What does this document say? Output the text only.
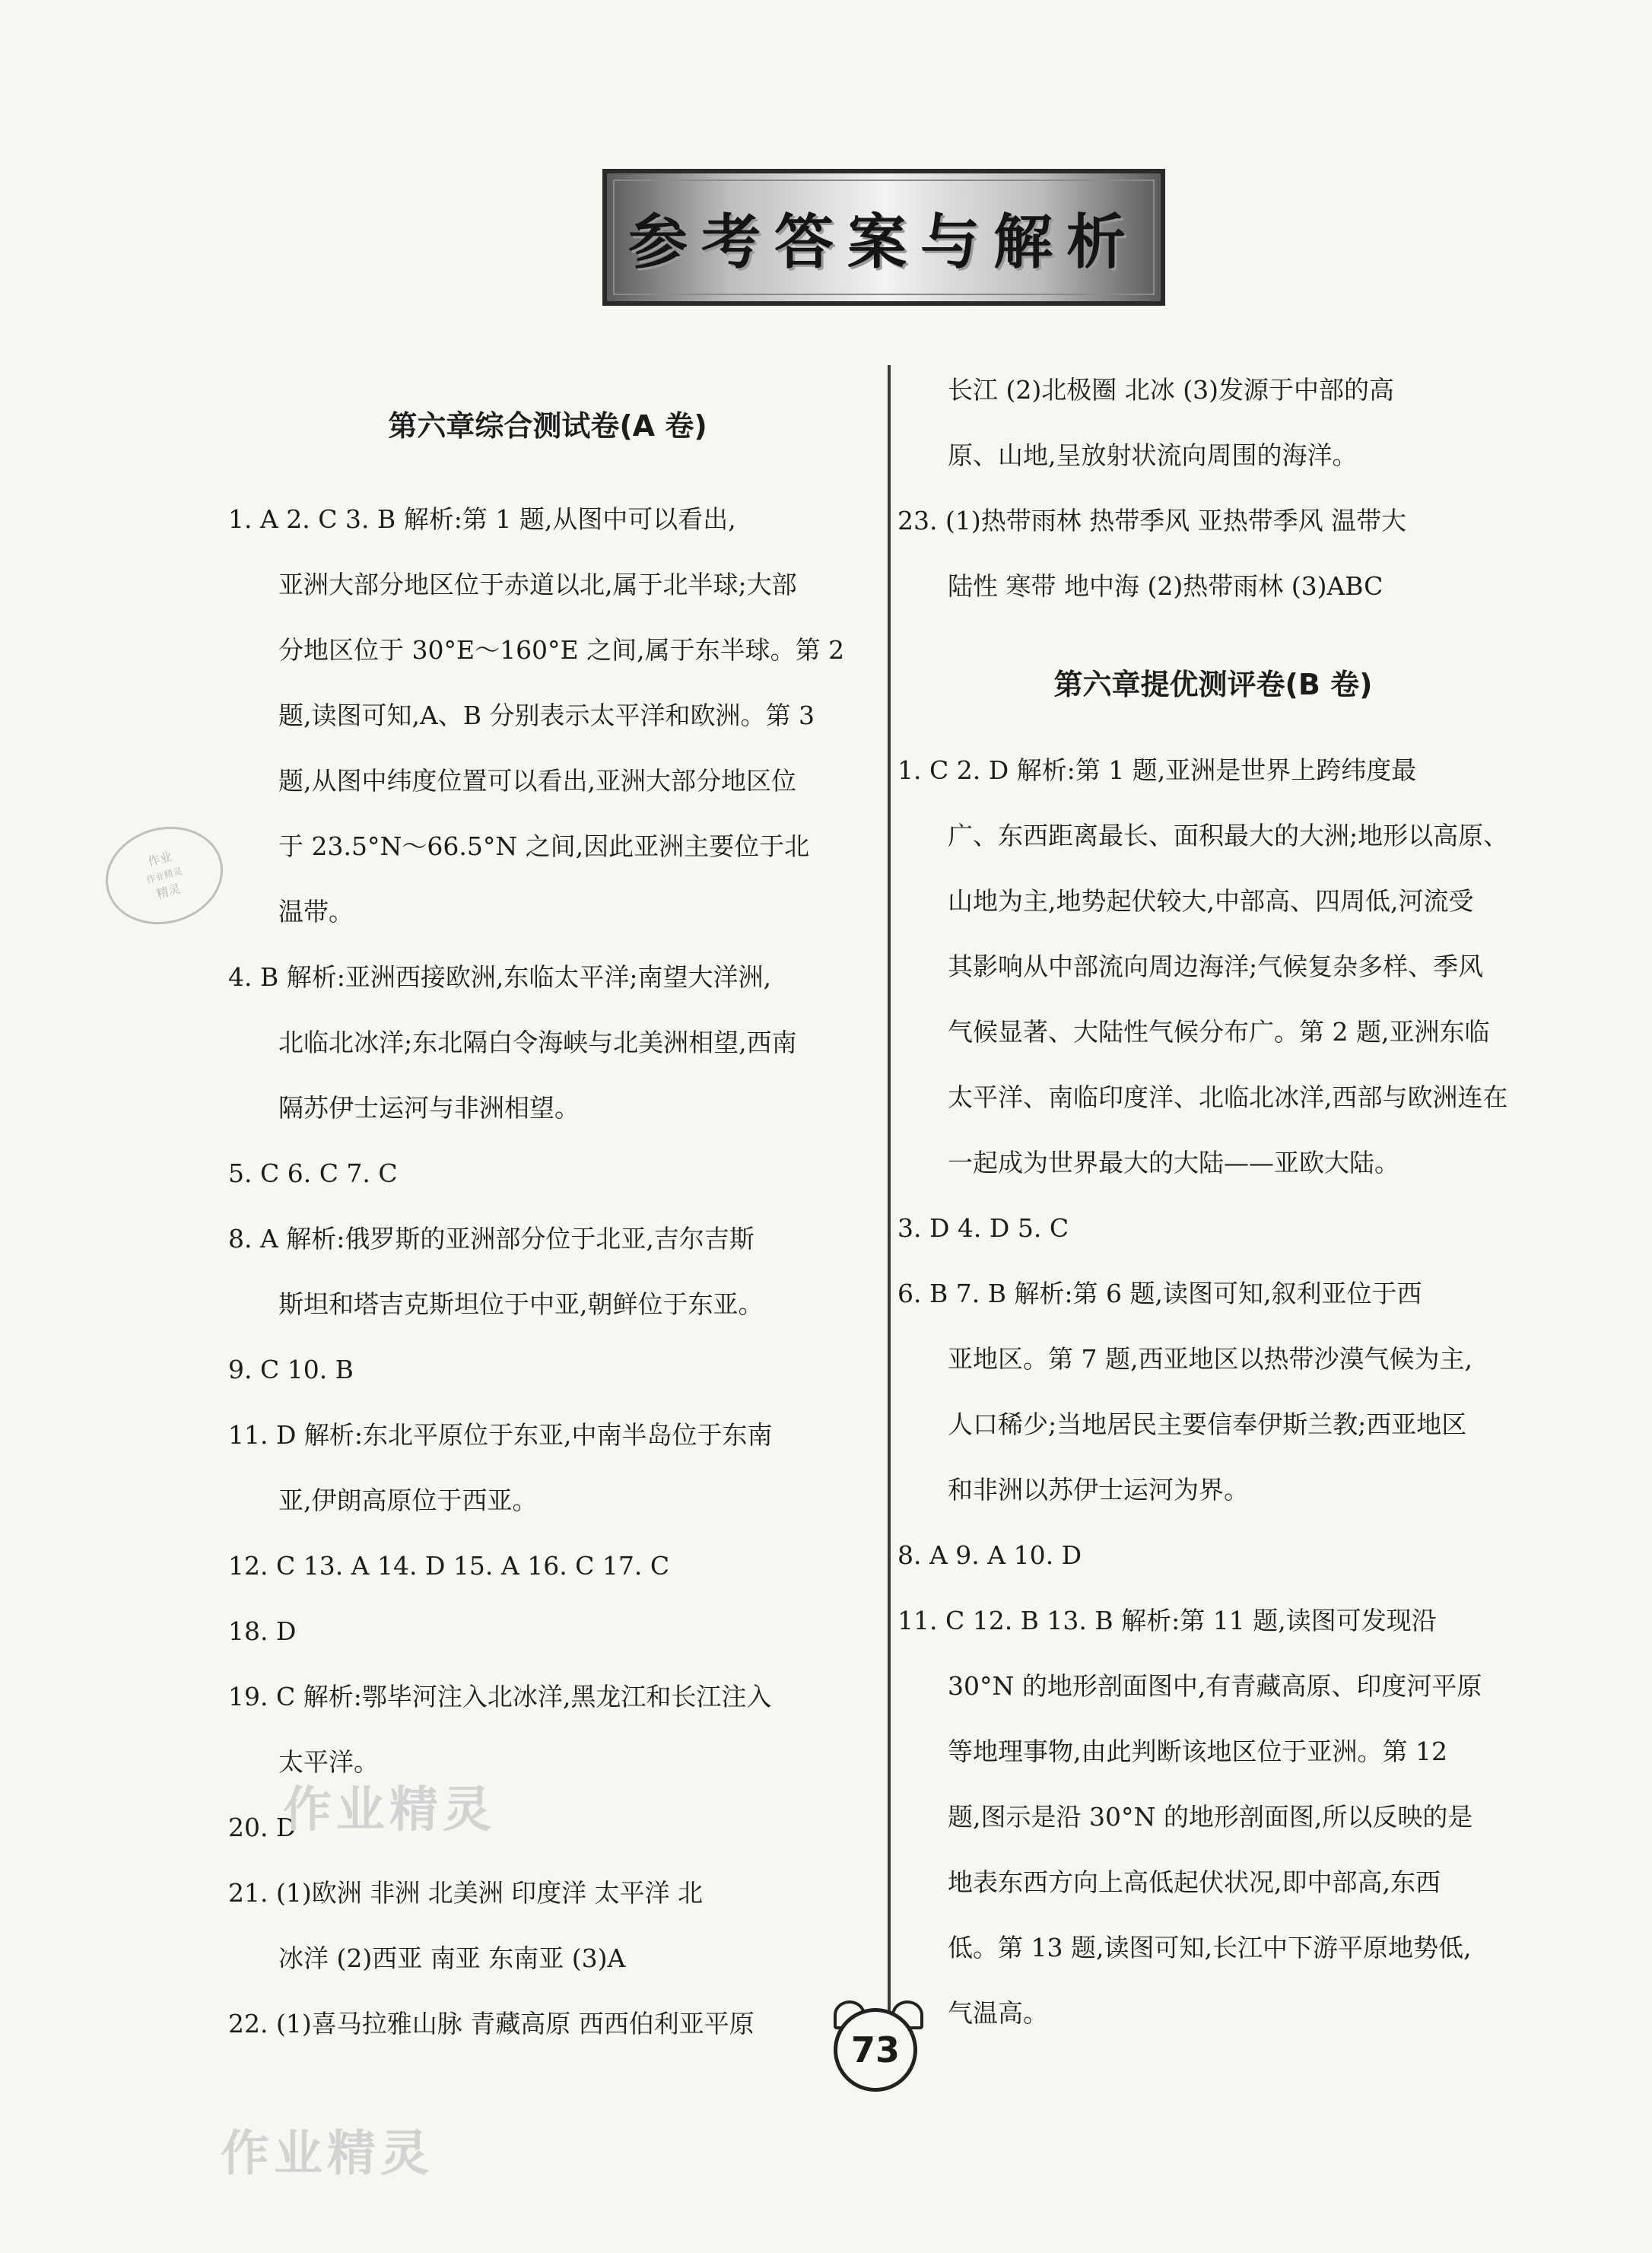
参考答案与解析
第六章综合测试卷(A 卷)
1. A 2. C 3. B 解析:第 1 题,从图中可以看出,
亚洲大部分地区位于赤道以北,属于北半球;大部
分地区位于 30°E～160°E 之间,属于东半球。第 2
题,读图可知,A、B 分别表示太平洋和欧洲。第 3
题,从图中纬度位置可以看出,亚洲大部分地区位
于 23.5°N～66.5°N 之间,因此亚洲主要位于北
温带。
4. B 解析:亚洲西接欧洲,东临太平洋;南望大洋洲,
北临北冰洋;东北隔白令海峡与北美洲相望,西南
隔苏伊士运河与非洲相望。
5. C 6. C 7. C
8. A 解析:俄罗斯的亚洲部分位于北亚,吉尔吉斯
斯坦和塔吉克斯坦位于中亚,朝鲜位于东亚。
9. C 10. B
11. D 解析:东北平原位于东亚,中南半岛位于东南
亚,伊朗高原位于西亚。
12. C 13. A 14. D 15. A 16. C 17. C
18. D
19. C 解析:鄂毕河注入北冰洋,黑龙江和长江注入
太平洋。
20. D
21. (1)欧洲 非洲 北美洲 印度洋 太平洋 北
冰洋 (2)西亚 南亚 东南亚 (3)A
22. (1)喜马拉雅山脉 青藏高原 西西伯利亚平原
长江 (2)北极圈 北冰 (3)发源于中部的高
原、山地,呈放射状流向周围的海洋。
23. (1)热带雨林 热带季风 亚热带季风 温带大
陆性 寒带 地中海 (2)热带雨林 (3)ABC
第六章提优测评卷(B 卷)
1. C 2. D 解析:第 1 题,亚洲是世界上跨纬度最
广、东西距离最长、面积最大的大洲;地形以高原、
山地为主,地势起伏较大,中部高、四周低,河流受
其影响从中部流向周边海洋;气候复杂多样、季风
气候显著、大陆性气候分布广。第 2 题,亚洲东临
太平洋、南临印度洋、北临北冰洋,西部与欧洲连在
一起成为世界最大的大陆——亚欧大陆。
3. D 4. D 5. C
6. B 7. B 解析:第 6 题,读图可知,叙利亚位于西
亚地区。第 7 题,西亚地区以热带沙漠气候为主,
人口稀少;当地居民主要信奉伊斯兰教;西亚地区
和非洲以苏伊士运河为界。
8. A 9. A 10. D
11. C 12. B 13. B 解析:第 11 题,读图可发现沿
30°N 的地形剖面图中,有青藏高原、印度河平原
等地理事物,由此判断该地区位于亚洲。第 12
题,图示是沿 30°N 的地形剖面图,所以反映的是
地表东西方向上高低起伏状况,即中部高,东西
低。第 13 题,读图可知,长江中下游平原地势低,
气温高。
73
作业精灵
作业精灵
作业
作业精灵
精灵
